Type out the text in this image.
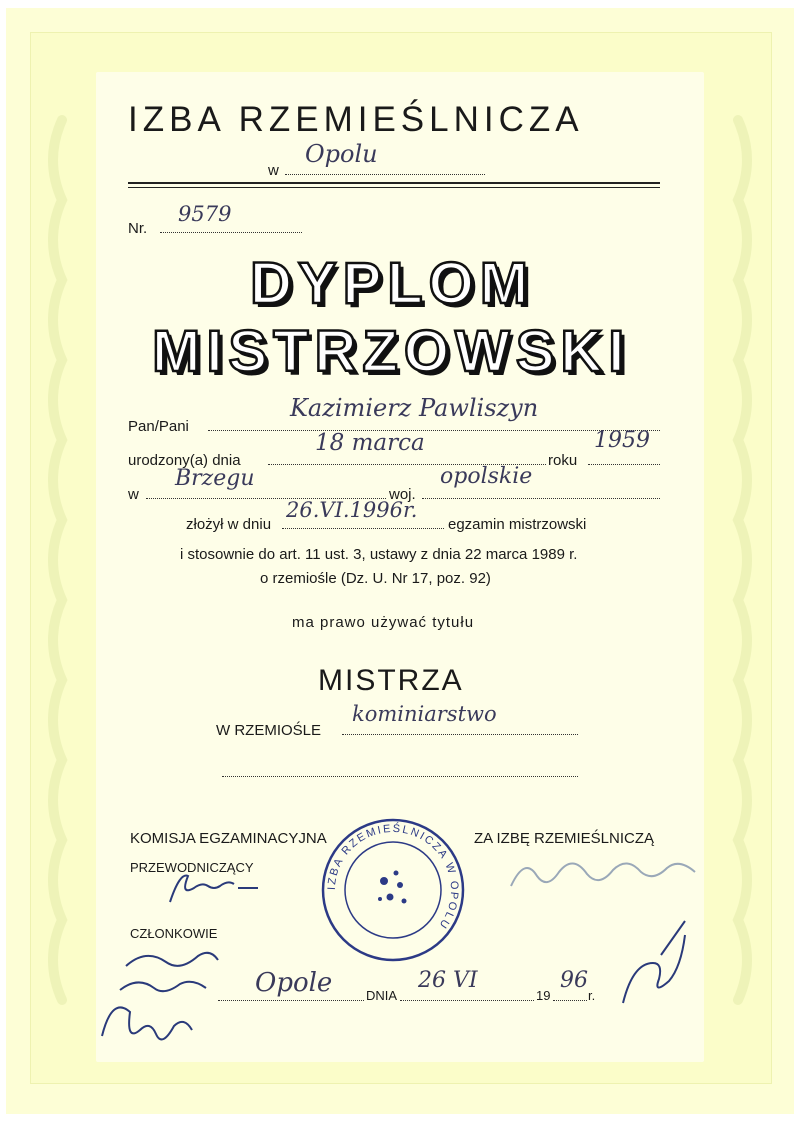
IZBA RZEMIEŚLNICZA
w
Opolu
Nr.
9579
DYPLOM
MISTRZOWSKI
Pan/Pani
Kazimierz Pawliszyn
urodzony(a) dnia
18 marca
roku
1959
w
Brzegu
woj.
opolskie
złożył w dniu
26.VI.1996r.
egzamin mistrzowski
i stosownie do art. 11 ust. 3, ustawy z dnia 22 marca 1989 r.
o rzemiośle (Dz. U. Nr 17, poz. 92)
ma prawo używać tytułu
MISTRZA
W RZEMIOŚLE
kominiarstwo
KOMISJA EGZAMINACYJNA
PRZEWODNICZĄCY
CZŁONKOWIE
ZA IZBĘ RZEMIEŚLNICZĄ
IZBA RZEMIEŚLNICZA W OPOLU
Opole	DNIA
26 VI
19
96
r.
